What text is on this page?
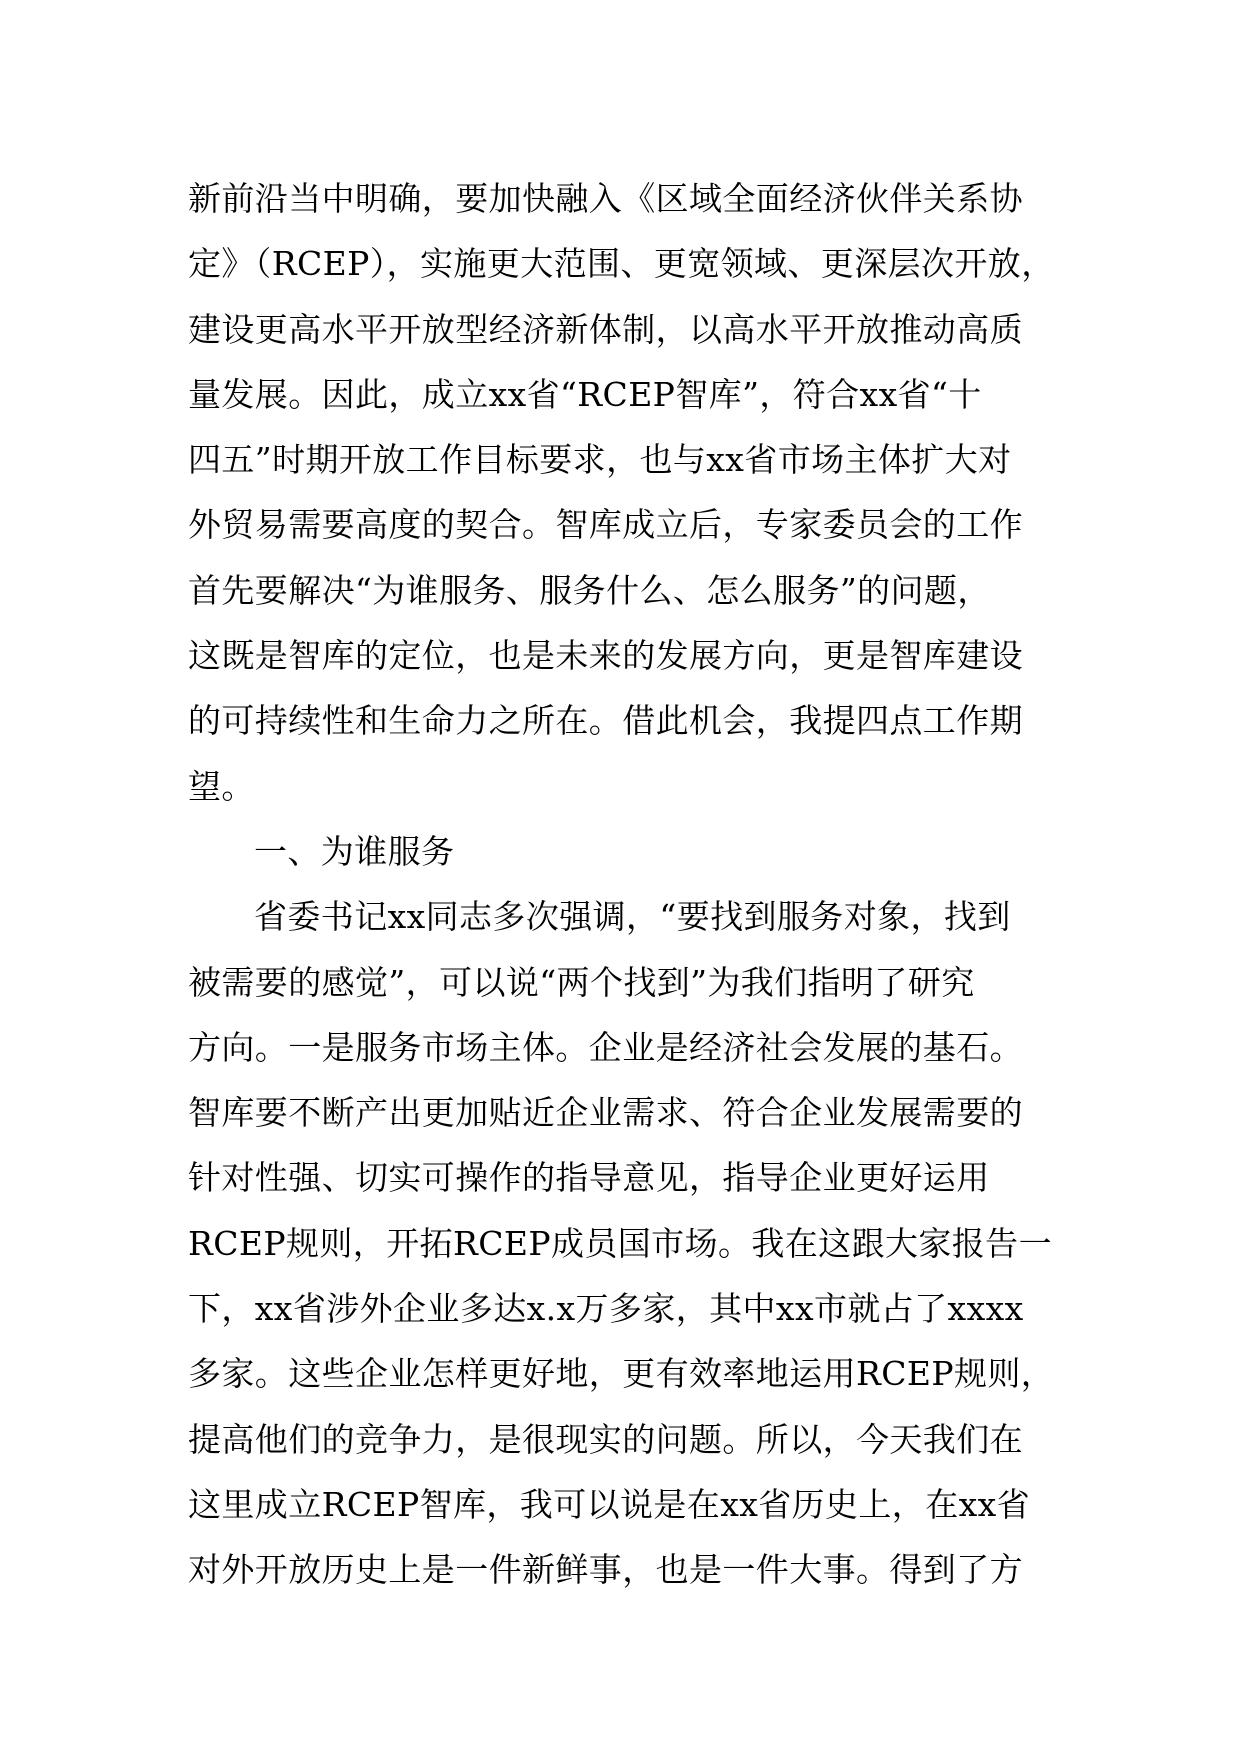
新前沿当中明确，要加快融入《区域全面经济伙伴关系协
定》（RCEP），实施更大范围、更宽领域、更深层次开放，
建设更高水平开放型经济新体制，以高水平开放推动高质
量发展。因此，成立xx省“RCEP智库”，符合xx省“十
四五”时期开放工作目标要求，也与xx省市场主体扩大对
外贸易需要高度的契合。智库成立后，专家委员会的工作
首先要解决“为谁服务、服务什么、怎么服务”的问题，
这既是智库的定位，也是未来的发展方向，更是智库建设
的可持续性和生命力之所在。借此机会，我提四点工作期
望。
一、为谁服务
省委书记xx同志多次强调，“要找到服务对象，找到
被需要的感觉”，可以说“两个找到”为我们指明了研究
方向。一是服务市场主体。企业是经济社会发展的基石。
智库要不断产出更加贴近企业需求、符合企业发展需要的
针对性强、切实可操作的指导意见，指导企业更好运用
RCEP规则，开拓RCEP成员国市场。我在这跟大家报告一
下，xx省涉外企业多达x.x万多家，其中xx市就占了xxxx
多家。这些企业怎样更好地，更有效率地运用RCEP规则，
提高他们的竞争力，是很现实的问题。所以，今天我们在
这里成立RCEP智库，我可以说是在xx省历史上，在xx省
对外开放历史上是一件新鲜事，也是一件大事。得到了方
